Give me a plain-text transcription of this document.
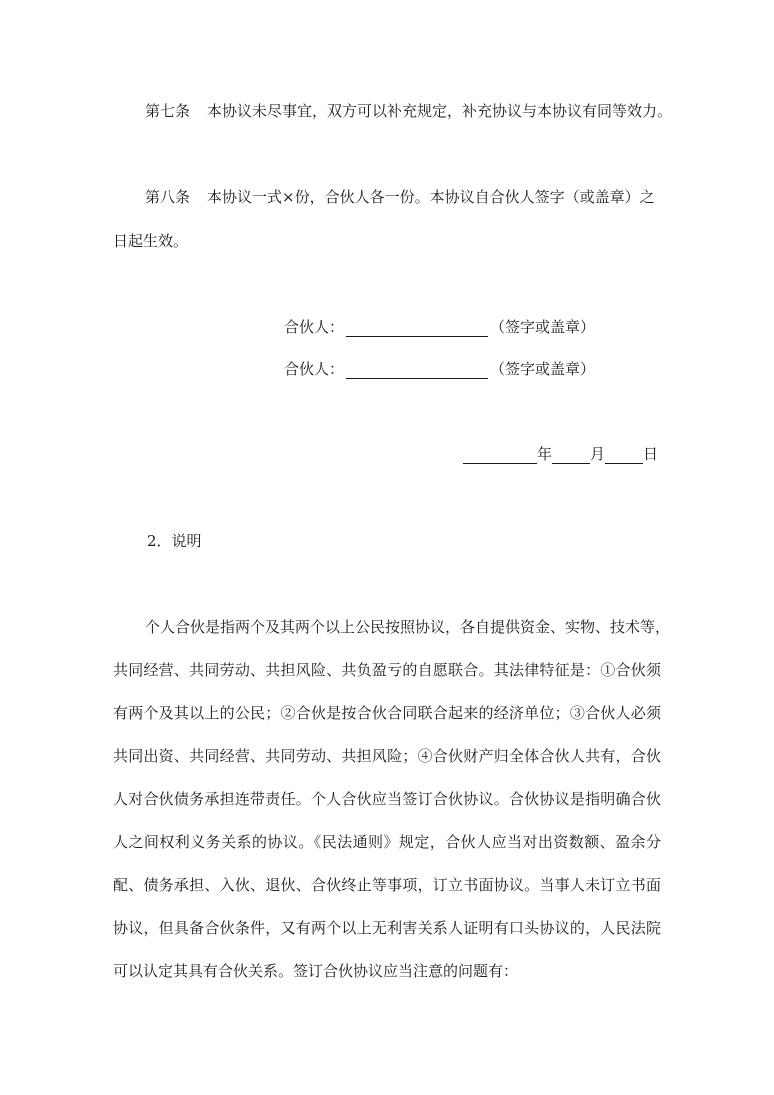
第七条 本协议未尽事宜，双方可以补充规定，补充协议与本协议有同等效力。
第八条 本协议一式×份，合伙人各一份。本协议自合伙人签字（或盖章）之
日起生效。
合伙人：	（签字或盖章）
合伙人：	（签字或盖章）
年	月	日
2．说明
个人合伙是指两个及其两个以上公民按照协议，各自提供资金、实物、技术等，
共同经营、共同劳动、共担风险、共负盈亏的自愿联合。其法律特征是：①合伙须
有两个及其以上的公民；②合伙是按合伙合同联合起来的经济单位；③合伙人必须
共同出资、共同经营、共同劳动、共担风险；④合伙财产归全体合伙人共有，合伙
人对合伙债务承担连带责任。个人合伙应当签订合伙协议。合伙协议是指明确合伙
人之间权利义务关系的协议。《民法通则》规定，合伙人应当对出资数额、盈余分
配、债务承担、入伙、退伙、合伙终止等事项，订立书面协议。当事人未订立书面
协议，但具备合伙条件，又有两个以上无利害关系人证明有口头协议的，人民法院
可以认定其具有合伙关系。签订合伙协议应当注意的问题有：
